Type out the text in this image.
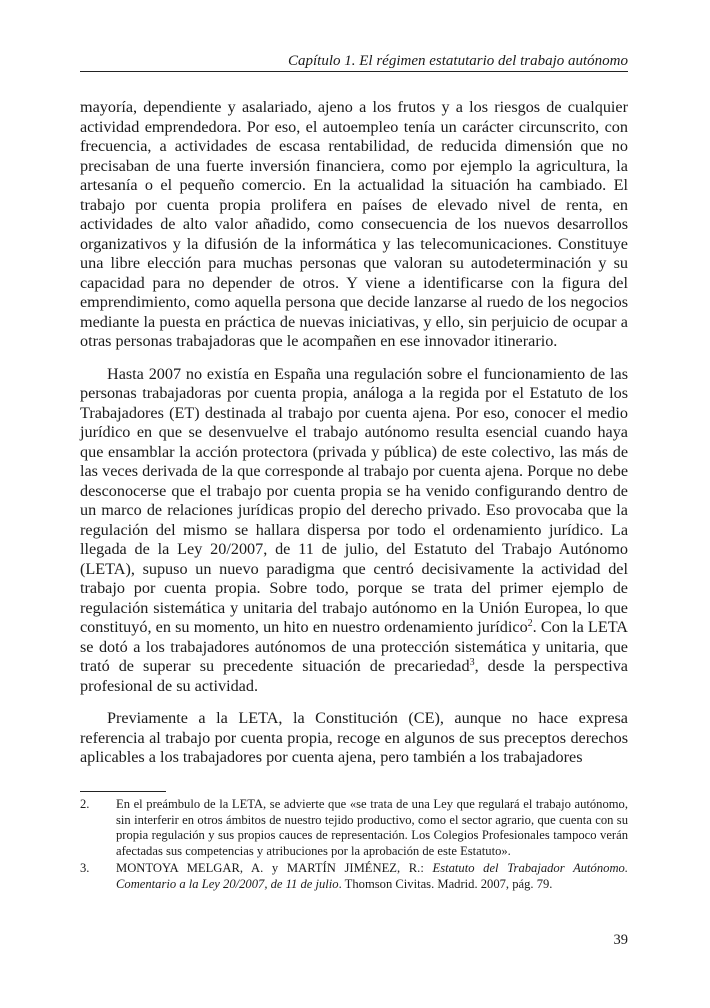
Capítulo 1. El régimen estatutario del trabajo autónomo

mayoría, dependiente y asalariado, ajeno a los frutos y a los riesgos de cualquier actividad emprendedora. Por eso, el autoempleo tenía un carácter circunscrito, con frecuencia, a actividades de escasa rentabilidad, de reducida dimensión que no precisaban de una fuerte inversión financiera, como por ejemplo la agricultura, la artesanía o el pequeño comercio. En la actualidad la situación ha cambiado. El trabajo por cuenta propia prolifera en países de elevado nivel de renta, en actividades de alto valor añadido, como consecuencia de los nuevos desarrollos organizativos y la difusión de la informática y las telecomunicaciones. Constituye una libre elección para muchas personas que valoran su autodeterminación y su capacidad para no depender de otros. Y viene a identificarse con la figura del emprendimiento, como aquella persona que decide lanzarse al ruedo de los negocios mediante la puesta en práctica de nuevas iniciativas, y ello, sin perjuicio de ocupar a otras personas trabajadoras que le acompañen en ese innovador itinerario.

Hasta 2007 no existía en España una regulación sobre el funcionamiento de las personas trabajadoras por cuenta propia, análoga a la regida por el Estatuto de los Trabajadores (ET) destinada al trabajo por cuenta ajena. Por eso, conocer el medio jurídico en que se desenvuelve el trabajo autónomo resulta esencial cuando haya que ensamblar la acción protectora (privada y pública) de este colectivo, las más de las veces derivada de la que corresponde al trabajo por cuenta ajena. Porque no debe desconocerse que el trabajo por cuenta propia se ha venido configurando dentro de un marco de relaciones jurídicas propio del derecho privado. Eso provocaba que la regulación del mismo se hallara dispersa por todo el ordenamiento jurídico. La llegada de la Ley 20/2007, de 11 de julio, del Estatuto del Trabajo Autónomo (LETA), supuso un nuevo paradigma que centró decisivamente la actividad del trabajo por cuenta propia. Sobre todo, porque se trata del primer ejemplo de regulación sistemática y unitaria del trabajo autónomo en la Unión Europea, lo que constituyó, en su momento, un hito en nuestro ordenamiento jurídico$^2$. Con la LETA se dotó a los trabajadores autónomos de una protección sistemática y unitaria, que trató de superar su precedente situación de precariedad$^3$, desde la perspectiva profesional de su actividad.

Previamente a la LETA, la Constitución (CE), aunque no hace expresa referencia al trabajo por cuenta propia, recoge en algunos de sus preceptos derechos aplicables a los trabajadores por cuenta ajena, pero también a los trabajadores

2.	En el preámbulo de la LETA, se advierte que «se trata de una Ley que regulará el trabajo autónomo, sin interferir en otros ámbitos de nuestro tejido productivo, como el sector agrario, que cuenta con su propia regulación y sus propios cauces de representación. Los Colegios Profesionales tampoco verán afectadas sus competencias y atribuciones por la aprobación de este Estatuto».
3.	MONTOYA MELGAR, A. y MARTÍN JIMÉNEZ, R.: Estatuto del Trabajador Autónomo. Comentario a la Ley 20/2007, de 11 de julio. Thomson Civitas. Madrid. 2007, pág. 79.
39
